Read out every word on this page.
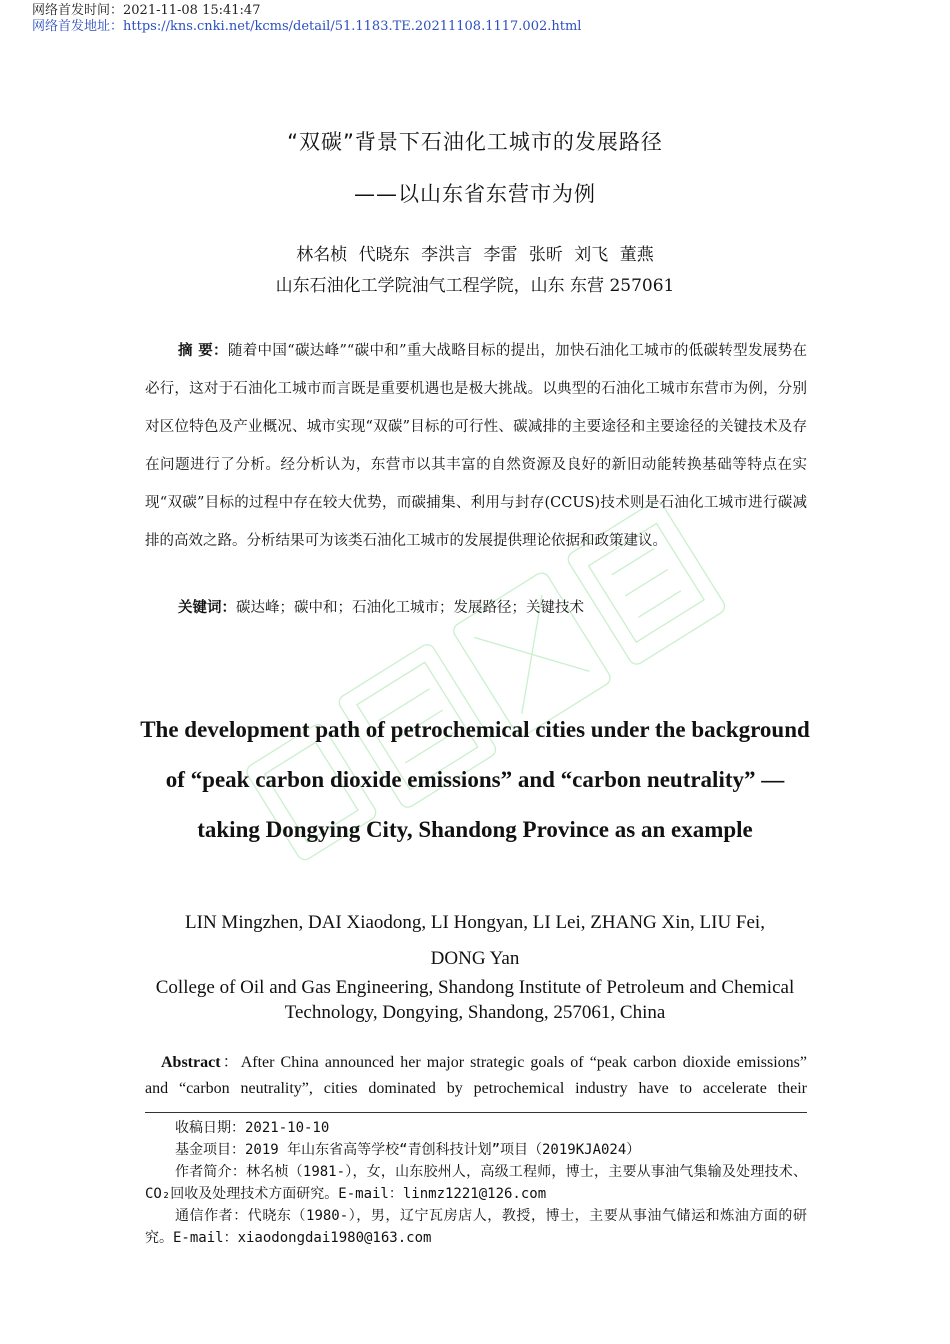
网络首发时间：2021-11-08 15:41:47
网络首发地址：https://kns.cnki.net/kcms/detail/51.1183.TE.20211108.1117.002.html
“双碳”背景下石油化工城市的发展路径
——以山东省东营市为例
林名桢 代晓东 李洪言 李雷 张昕 刘飞 董燕
山东石油化工学院油气工程学院，山东 东营 257061
摘 要：随着中国“碳达峰”“碳中和”重大战略目标的提出，加快石油化工城市的低碳转型发展势在必行，这对于石油化工城市而言既是重要机遇也是极大挑战。以典型的石油化工城市东营市为例，分别对区位特色及产业概况、城市实现“双碳”目标的可行性、碳减排的主要途径和主要途径的关键技术及存在问题进行了分析。经分析认为，东营市以其丰富的自然资源及良好的新旧动能转换基础等特点在实现“双碳”目标的过程中存在较大优势，而碳捕集、利用与封存(CCUS)技术则是石油化工城市进行碳减排的高效之路。分析结果可为该类石油化工城市的发展提供理论依据和政策建议。
关键词：碳达峰；碳中和；石油化工城市；发展路径；关键技术
The development path of petrochemical cities under the background of “peak carbon dioxide emissions” and “carbon neutrality” —taking Dongying City, Shandong Province as an example
LIN Mingzhen, DAI Xiaodong, LI Hongyan, LI Lei, ZHANG Xin, LIU Fei, DONG Yan
College of Oil and Gas Engineering, Shandong Institute of Petroleum and Chemical Technology, Dongying, Shandong, 257061, China
Abstract：After China announced her major strategic goals of “peak carbon dioxide emissions” and “carbon neutrality”, cities dominated by petrochemical industry have to accelerate their

收稿日期：2021-10-10

基金项目：2019 年山东省高等学校“青创科技计划”项目（2019KJA024）

作者简介：林名桢（1981-），女，山东胶州人，高级工程师，博士，主要从事油气集输及处理技术、CO₂回收及处理技术方面研究。E-mail：linmz1221@126.com

通信作者：代晓东（1980-），男，辽宁瓦房店人，教授，博士，主要从事油气储运和炼油方面的研究。E-mail：xiaodongdai1980@163.com
